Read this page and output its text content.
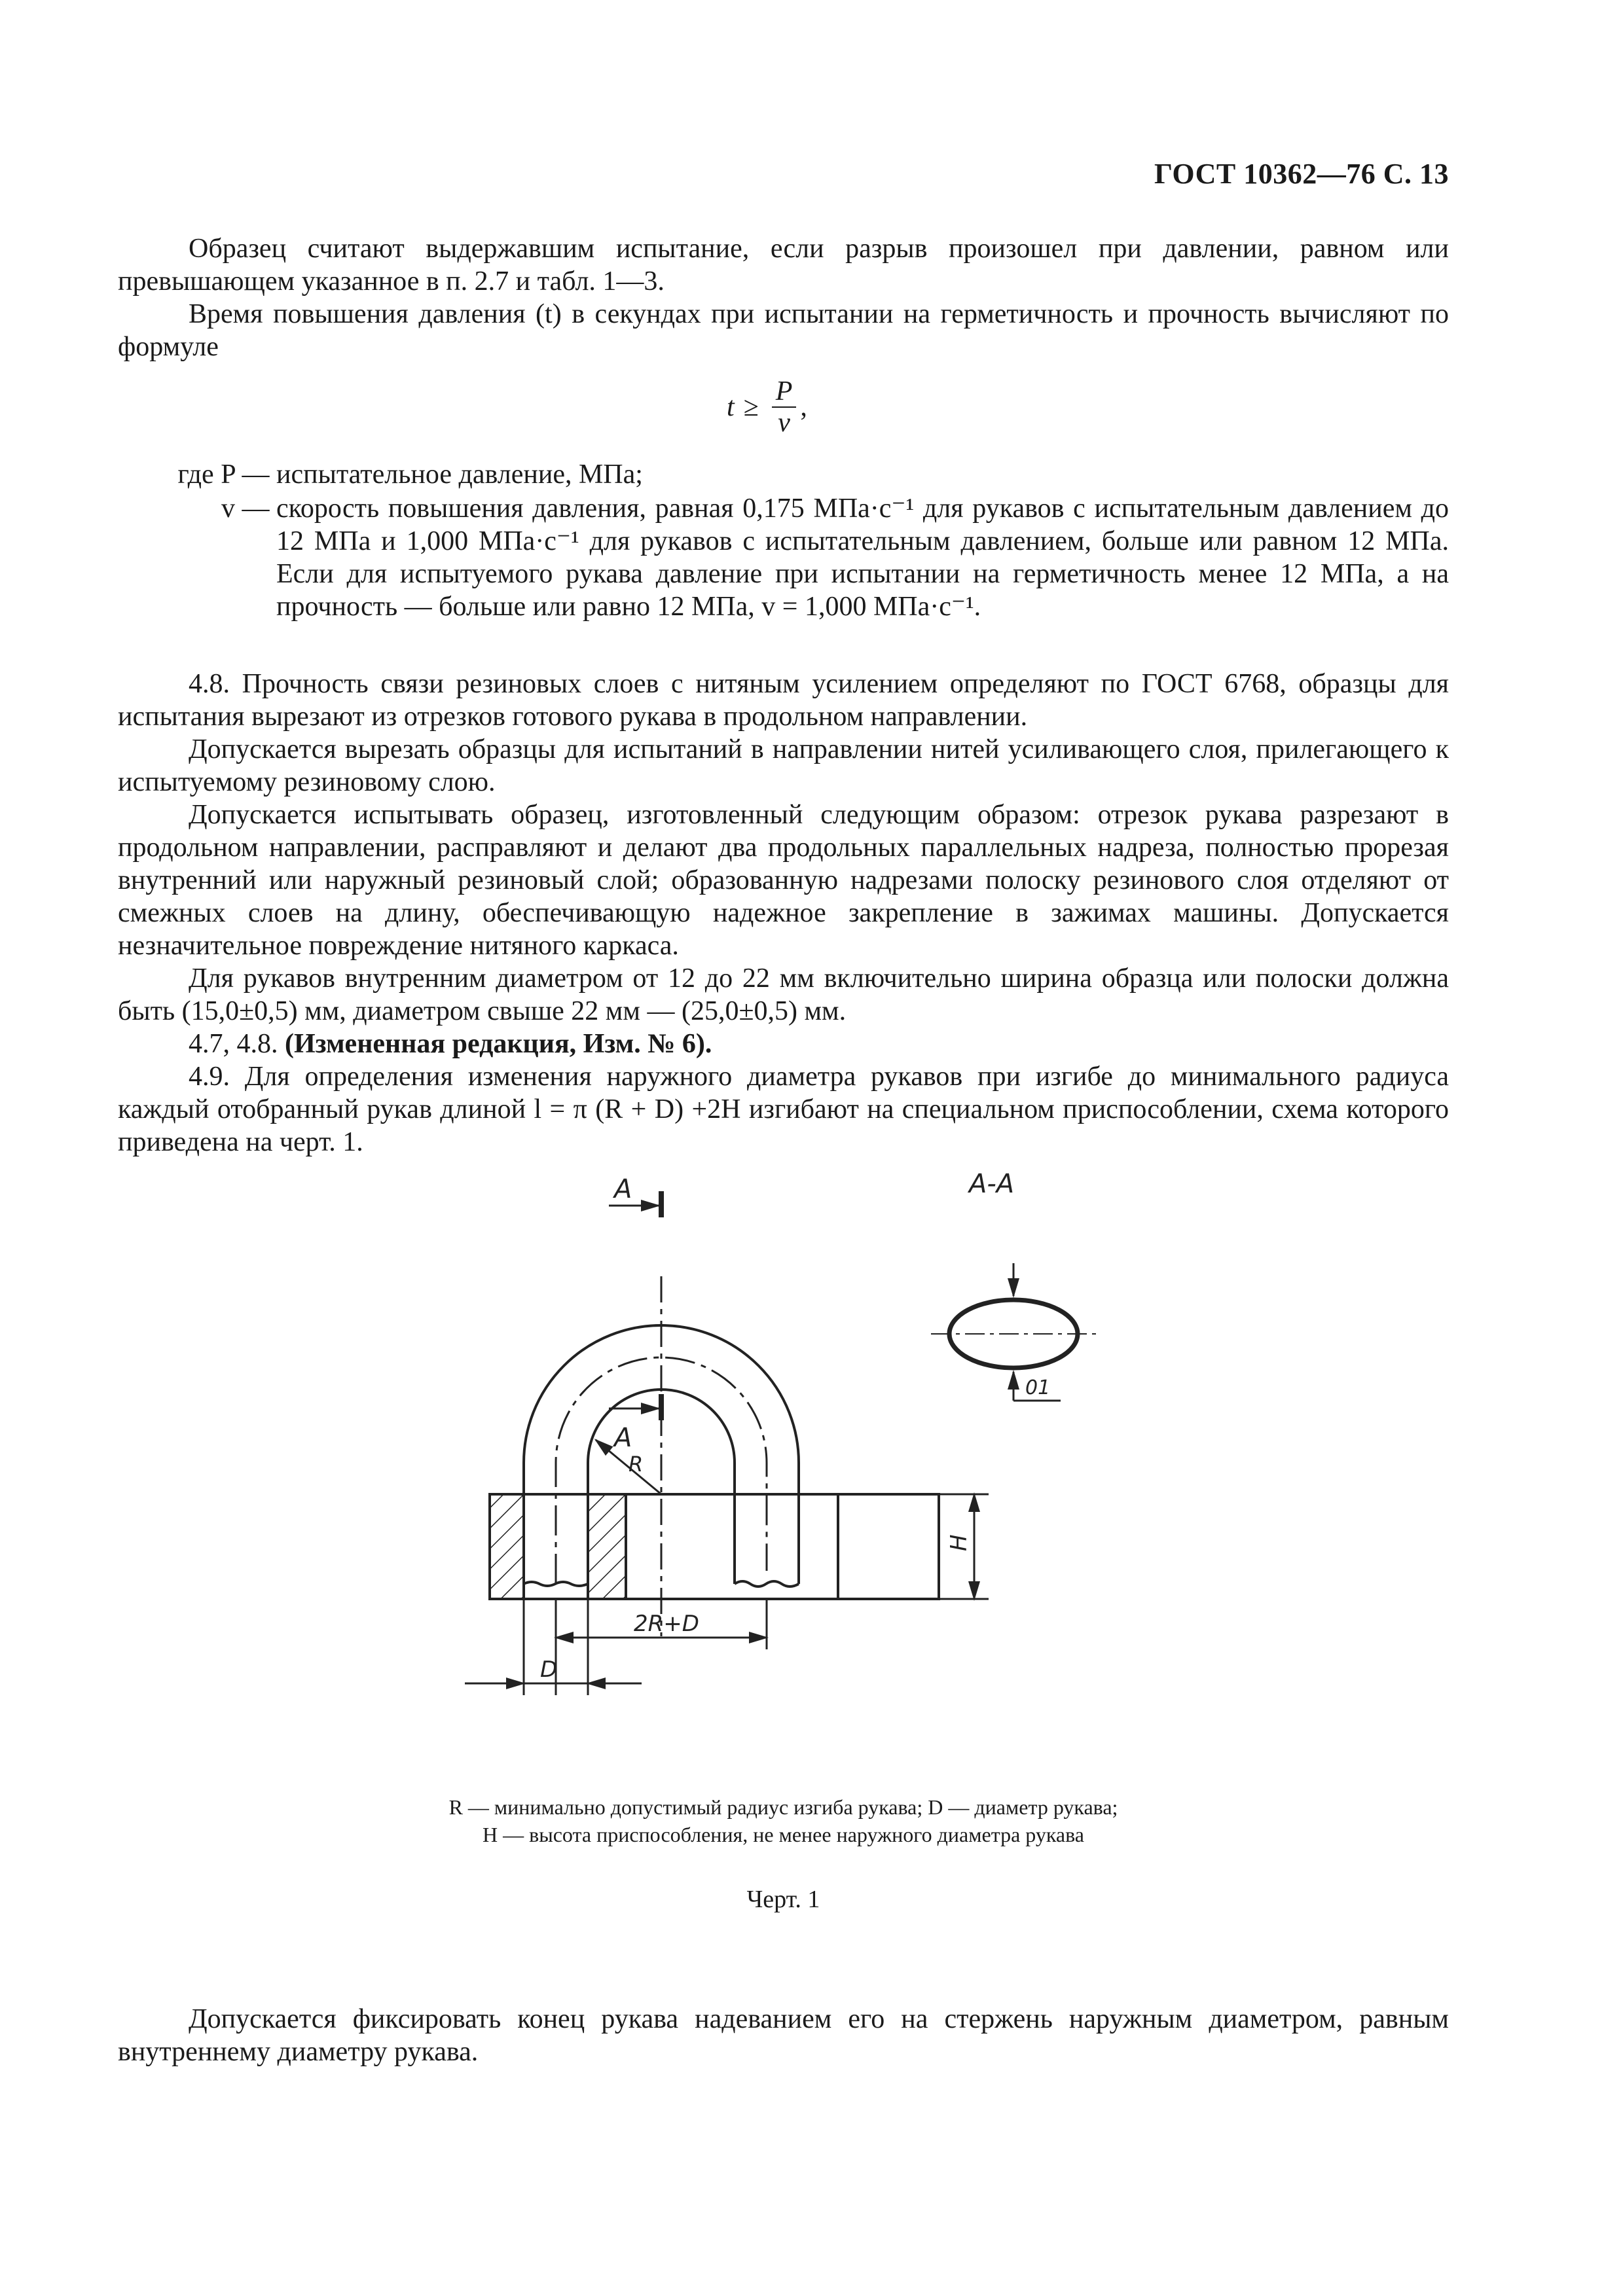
ГОСТ 10362—76 С. 13

Образец считают выдержавшим испытание, если разрыв произошел при давлении, равном или превышающем указанное в п. 2.7 и табл. 1—3.

Время повышения давления (t) в секундах при испытании на герметичность и прочность вычисляют по формуле

$t \ge \frac{P}{v}$ ,
где P — испытательное давление, МПа;
v — скорость повышения давления, равная 0,175 МПа·с⁻¹ для рукавов с испытательным давлением до 12 МПа и 1,000 МПа·с⁻¹ для рукавов с испытательным давлением, больше или равном 12 МПа. Если для испытуемого рукава давление при испытании на герметичность менее 12 МПа, а на прочность — больше или равно 12 МПа, v = 1,000 МПа·с⁻¹.

4.8. Прочность связи резиновых слоев с нитяным усилением определяют по ГОСТ 6768, образцы для испытания вырезают из отрезков готового рукава в продольном направлении.

Допускается вырезать образцы для испытаний в направлении нитей усиливающего слоя, прилегающего к испытуемому резиновому слою.

Допускается испытывать образец, изготовленный следующим образом: отрезок рукава разрезают в продольном направлении, расправляют и делают два продольных параллельных надреза, полностью прорезая внутренний или наружный резиновый слой; образованную надрезами полоску резинового слоя отделяют от смежных слоев на длину, обеспечивающую надежное закрепление в зажимах машины. Допускается незначительное повреждение нитяного каркаса.

Для рукавов внутренним диаметром от 12 до 22 мм включительно ширина образца или полоски должна быть (15,0±0,5) мм, диаметром свыше 22 мм — (25,0±0,5) мм.

4.7, 4.8. (Измененная редакция, Изм. № 6).

4.9. Для определения изменения наружного диаметра рукавов при изгибе до минимального радиуса каждый отобранный рукав длиной l = π (R + D) +2H изгибают на специальном приспособлении, схема которого приведена на черт. 1.

H
2R+D
D
R
А
А
А-А
01
R — минимально допустимый радиус изгиба рукава; D — диаметр рукава;
H — высота приспособления, не менее наружного диаметра рукава
Черт. 1

Допускается фиксировать конец рукава надеванием его на стержень наружным диаметром, равным внутреннему диаметру рукава.
